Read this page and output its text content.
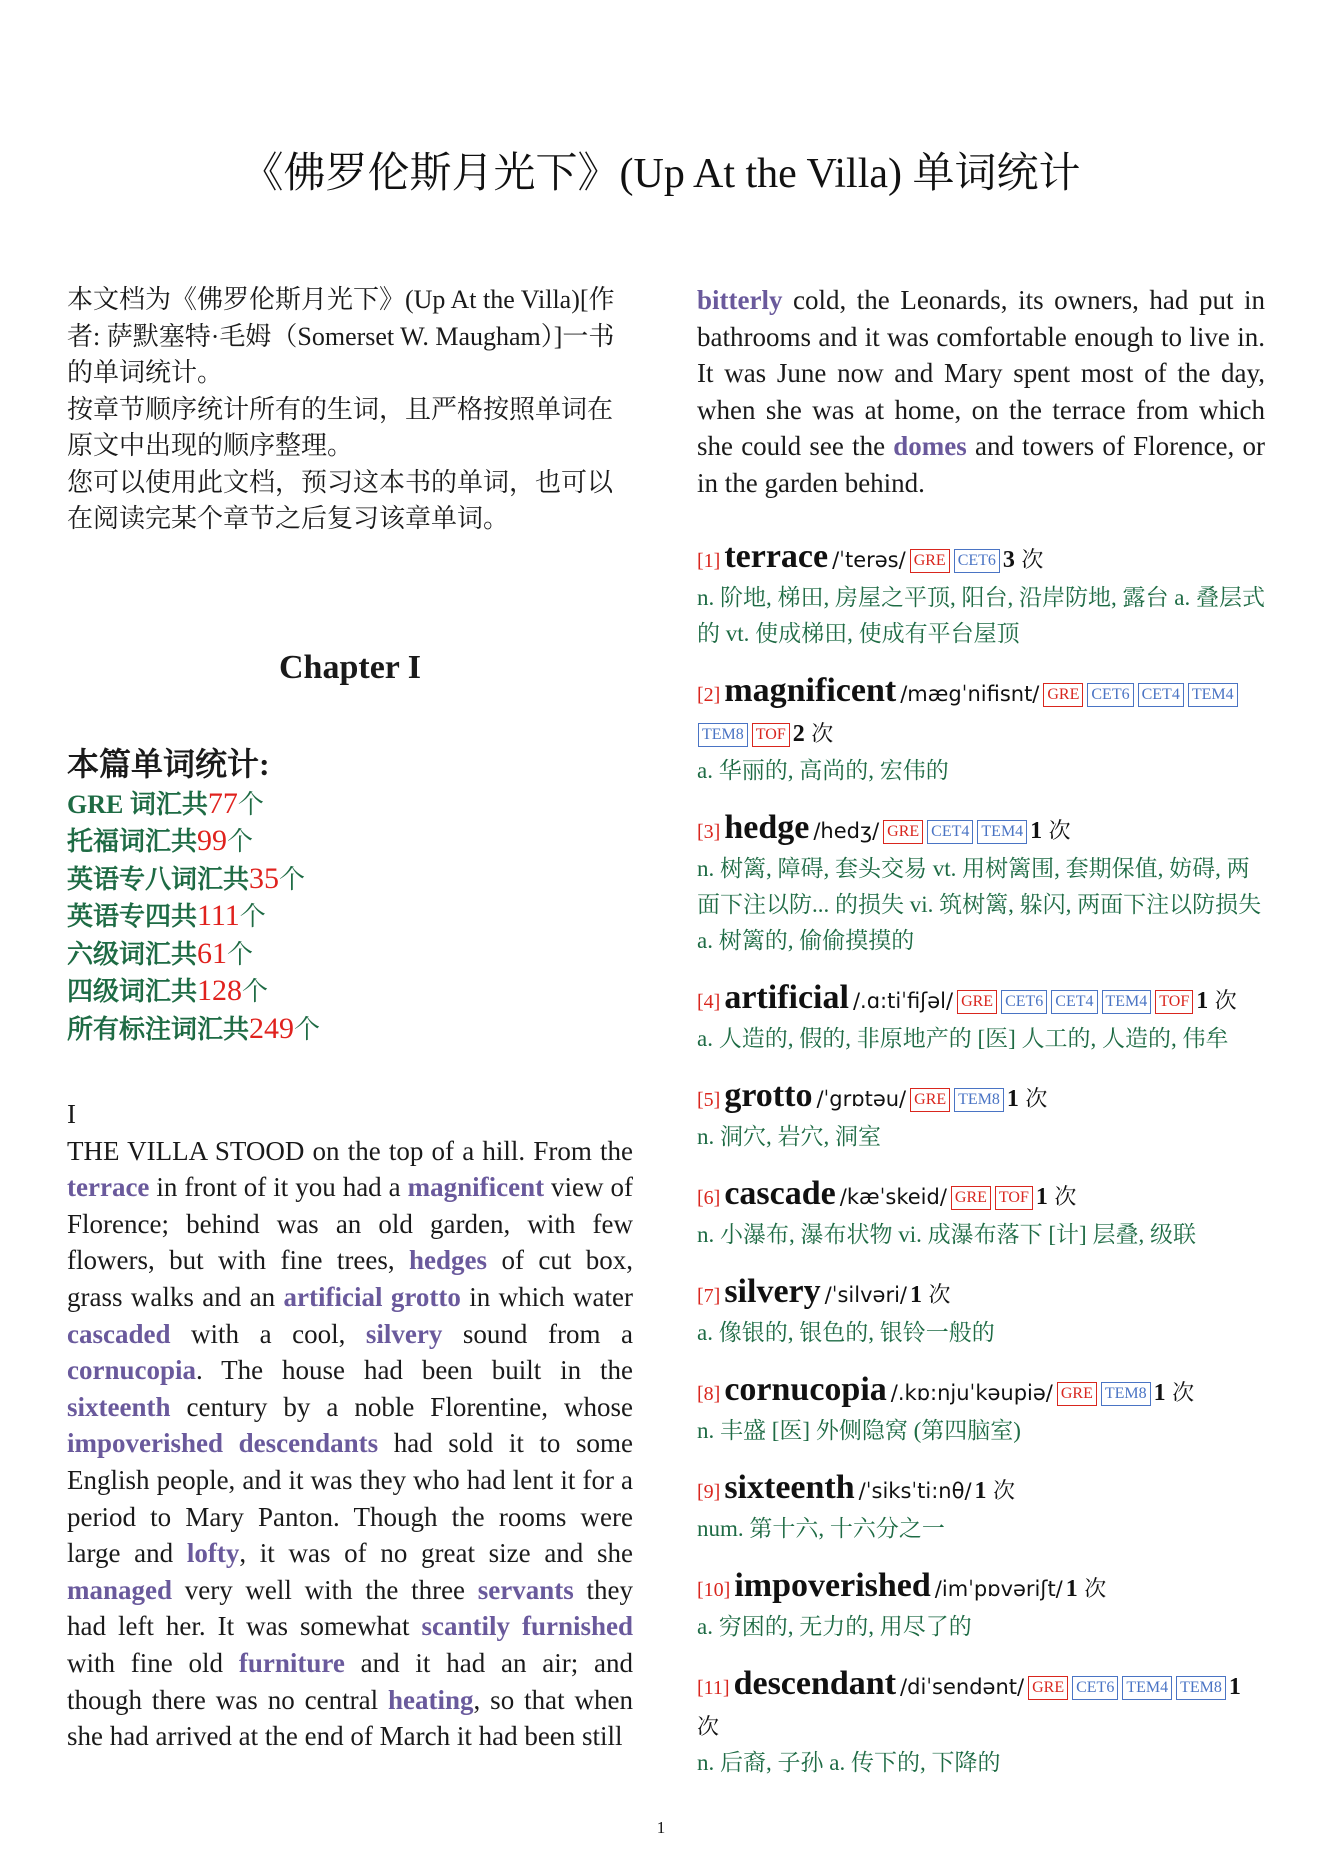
《佛罗伦斯月光下》(Up At the Villa) 单词统计

本文档为《佛罗伦斯月光下》(Up At the Villa)[作者: 萨默塞特·毛姆（Somerset W. Maugham）]一书的单词统计。

按章节顺序统计所有的生词，且严格按照单词在原文中出现的顺序整理。

您可以使用此文档，预习这本书的单词，也可以在阅读完某个章节之后复习该章单词。

Chapter I
本篇单词统计:
GRE 词汇共77个
托福词汇共99个
英语专八词汇共35个
英语专四共111个
六级词汇共61个
四级词汇共128个
所有标注词汇共249个
I

THE VILLA STOOD on the top of a hill. From the terrace in front of it you had a magnificent view of Florence; behind was an old garden, with few flowers, but with fine trees, hedges of cut box, grass walks and an artificial grotto in which water cascaded with a cool, silvery sound from a cornucopia. The house had been built in the sixteenth century by a noble Florentine, whose impoverished descendants had sold it to some English people, and it was they who had lent it for a period to Mary Panton. Though the rooms were large and lofty, it was of no great size and she managed very well with the three servants they had left her. It was somewhat scantily furnished with fine old furniture and it had an air; and though there was no central heating, so that when she had arrived at the end of March it had been still

bitterly cold, the Leonards, its owners, had put in bathrooms and it was comfortable enough to live in. It was June now and Mary spent most of the day, when she was at home, on the terrace from which she could see the domes and towers of Florence, or in the garden behind.

[1] terrace /ˈterəs/ GRE CET6 3 次
n. 阶地, 梯田, 房屋之平顶, 阳台, 沿岸防地, 露台 a. 叠层式的 vt. 使成梯田, 使成有平台屋顶
[2] magnificent /mægˈnifisnt/ GRE CET6 CET4 TEM4TEM8 TOF 2 次
a. 华丽的, 高尚的, 宏伟的
[3] hedge /hedʒ/ GRE CET4 TEM4 1 次
n. 树篱, 障碍, 套头交易 vt. 用树篱围, 套期保值, 妨碍, 两面下注以防... 的损失 vi. 筑树篱, 躲闪, 两面下注以防损失 a. 树篱的, 偷偷摸摸的
[4] artificial /.ɑ:tiˈfiʃəl/ GRE CET6 CET4 TEM4 TOF 1 次
a. 人造的, 假的, 非原地产的 [医] 人工的, 人造的, 伟牟
[5] grotto /ˈgrɒtəu/ GRE TEM8 1 次
n. 洞穴, 岩穴, 洞室
[6] cascade /kæˈskeid/ GRE TOF 1 次
n. 小瀑布, 瀑布状物 vi. 成瀑布落下 [计] 层叠, 级联
[7] silvery /ˈsilvəri/ 1 次
a. 像银的, 银色的, 银铃一般的
[8] cornucopia /.kɒ:njuˈkəupiə/ GRE TEM8 1 次
n. 丰盛 [医] 外侧隐窝 (第四脑室)
[9] sixteenth /ˈsiksˈti:nθ/ 1 次
num. 第十六, 十六分之一
[10] impoverished /imˈpɒvəriʃt/ 1 次
a. 穷困的, 无力的, 用尽了的
[11] descendant /diˈsendənt/ GRE CET6 TEM4 TEM8 1 次
n. 后裔, 子孙 a. 传下的, 下降的
1
